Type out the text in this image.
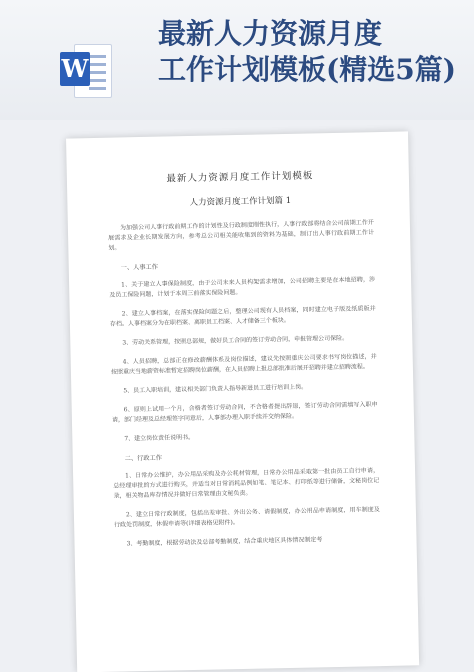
W
最新人力资源月度
工作计划模板(精选5篇)

最新人力资源月度工作计划模板

人力资源月度工作计划篇 1

为加强公司人事行政前期工作的计划性及行政制度刚性执行，人事行政部将结合公司前期工作开展需求及企业长期发展方向，参考总公司相关能收集到的资料为基础，制订出人事行政前期工作计划。

一、人事工作

1、关于建立人事保险制度，由于公司未来人员构架需求增加，公司招聘主要是在本地招聘，涉及员工保险问题，计划于本周三前落实保险问题。

2、建立人事档案，在落实保险问题之后，整理公司现有人员档案，同时建立电子版及纸质版并存档。人事档案分为在职档案、离职员工档案、人才储备三个板块。

3、劳动关系管理，按照总部规，做好员工合同的签订劳动合同，申报管理公司保险。

4、人员招聘，总部正在修改薪酬体系及岗位描述，建议先按照重庆公司要求书写岗位描述，并按照重庆当地薪资标准暂定招聘岗位薪酬，在人员招聘上报总部批准后展开招聘并建立招聘流程。

5、员工入职培训，建议相关部门负责人指导新进员工进行培训上岗。

6、原则上试用一个月，合格者签订劳动合同，不合格者提出辞退，签订劳动合同需填写入职申请，部门经理及总经理签字同意后，人事部办理入职手续并交纳保险。

7、建立岗位责任说明书。

二、行政工作

1、日常办公维护，办公用品采购及办公耗材管理，日常办公用品采取第一批由员工自行申请，总经理审批的方式进行购买，并适当对日常消耗品例如笔、笔记本、打印纸等进行储备，文秘岗位记录，相关物品库存情况并做好日常管理由文秘负责。

2、建立日常行政制度，包括出差审批、外出公务、请假制度，办公用品申请制度，用车制度及行政处罚制度，休假申请等(详细表格见附件)。

3、考勤制度，根据劳动法及总部考勤制度，结合重庆地区具体情况制定考
